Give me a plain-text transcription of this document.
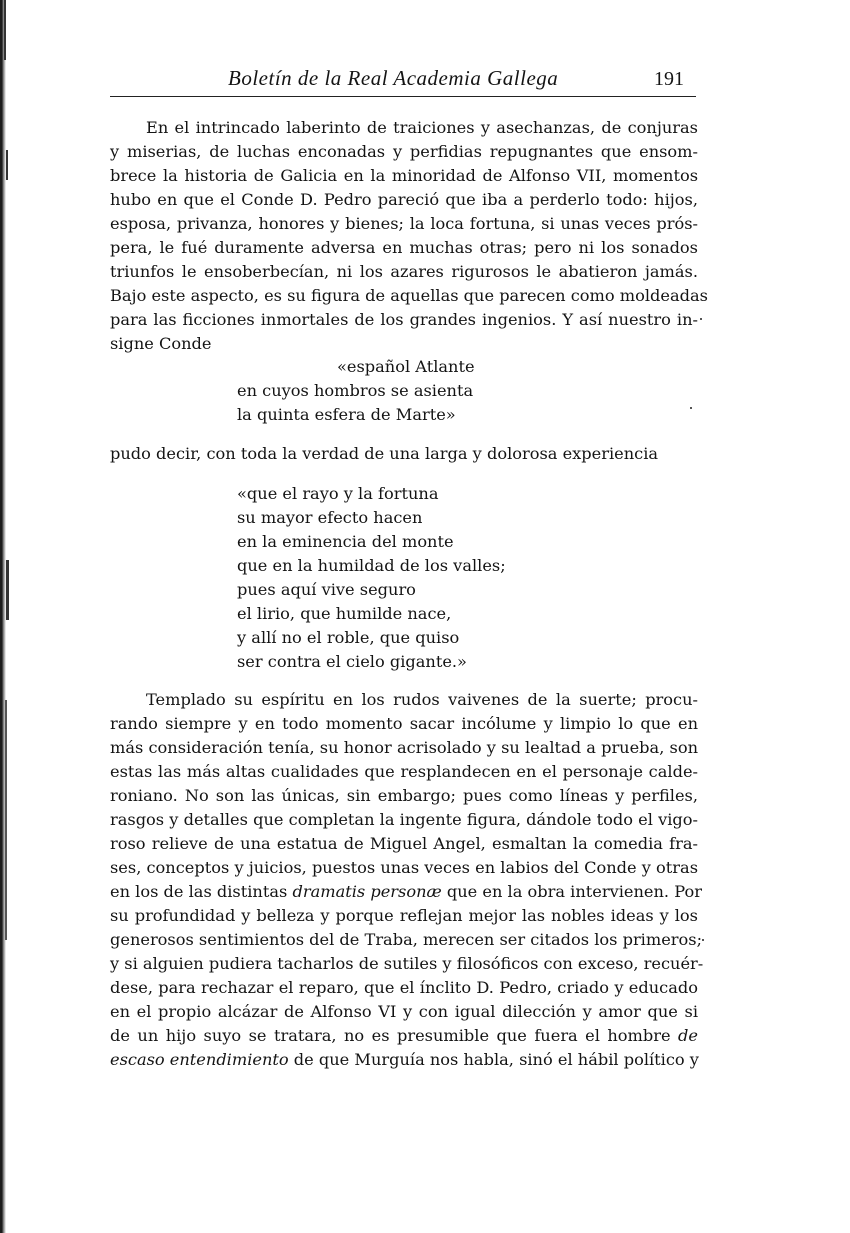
Boletín de la Real Academia Gallega	191
En el intrincado laberinto de traiciones y asechanzas, de conjuras
y miserias, de luchas enconadas y perfidias repugnantes que ensom-
brece la historia de Galicia en la minoridad de Alfonso VII, momentos
hubo en que el Conde D. Pedro pareció que iba a perderlo todo: hijos,
esposa, privanza, honores y bienes; la loca fortuna, si unas veces prós-
pera, le fué duramente adversa en muchas otras; pero ni los sonados
triunfos le ensoberbecían, ni los azares rigurosos le abatieron jamás.
Bajo este aspecto, es su figura de aquellas que parecen como moldeadas
para las ficciones inmortales de los grandes ingenios. Y así nuestro in-
signe Conde
«español Atlante
en cuyos hombros se asienta
la quinta esfera de Marte»
pudo decir, con toda la verdad de una larga y dolorosa experiencia
«que el rayo y la fortuna
su mayor efecto hacen
en la eminencia del monte
que en la humildad de los valles;
pues aquí vive seguro
el lirio, que humilde nace,
y allí no el roble, que quiso
ser contra el cielo gigante.»
Templado su espíritu en los rudos vaivenes de la suerte; procu-
rando siempre y en todo momento sacar incólume y limpio lo que en
más consideración tenía, su honor acrisolado y su lealtad a prueba, son
estas las más altas cualidades que resplandecen en el personaje calde-
roniano. No son las únicas, sin embargo; pues como líneas y perfiles,
rasgos y detalles que completan la ingente figura, dándole todo el vigo-
roso relieve de una estatua de Miguel Angel, esmaltan la comedia fra-
ses, conceptos y juicios, puestos unas veces en labios del Conde y otras
en los de las distintas dramatis personæ que en la obra intervienen. Por
su profundidad y belleza y porque reflejan mejor las nobles ideas y los
generosos sentimientos del de Traba, merecen ser citados los primeros;
y si alguien pudiera tacharlos de sutiles y filosóficos con exceso, recuér-
dese, para rechazar el reparo, que el ínclito D. Pedro, criado y educado
en el propio alcázar de Alfonso VI y con igual dilección y amor que si
de un hijo suyo se tratara, no es presumible que fuera el hombre de
escaso entendimiento de que Murguía nos habla, sinó el hábil político y
